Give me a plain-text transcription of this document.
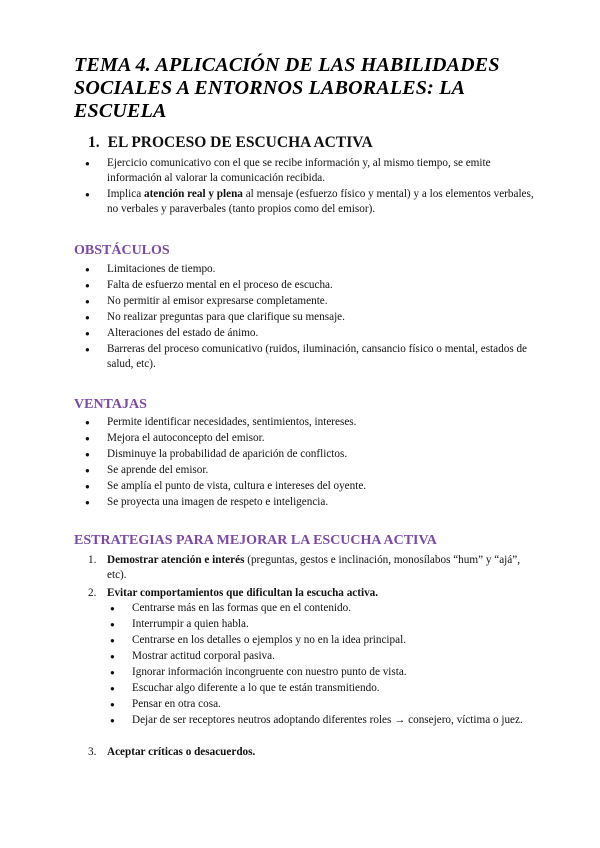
TEMA 4. APLICACIÓN DE LAS HABILIDADES
SOCIALES A ENTORNOS LABORALES: LA
ESCUELA
1. EL PROCESO DE ESCUCHA ACTIVA
● Ejercicio comunicativo con el que se recibe información y, al mismo tiempo, se emite información al valorar la comunicación recibida.
● Implica atención real y plena al mensaje (esfuerzo físico y mental) y a los elementos verbales, no verbales y paraverbales (tanto propios como del emisor).
OBSTÁCULOS
● Limitaciones de tiempo.
● Falta de esfuerzo mental en el proceso de escucha.
● No permitir al emisor expresarse completamente.
● No realizar preguntas para que clarifique su mensaje.
● Alteraciones del estado de ánimo.
● Barreras del proceso comunicativo (ruidos, iluminación, cansancio físico o mental, estados de salud, etc).
VENTAJAS
● Permite identificar necesidades, sentimientos, intereses.
● Mejora el autoconcepto del emisor.
● Disminuye la probabilidad de aparición de conflictos.
● Se aprende del emisor.
● Se amplía el punto de vista, cultura e intereses del oyente.
● Se proyecta una imagen de respeto e inteligencia.
ESTRATEGIAS PARA MEJORAR LA ESCUCHA ACTIVA
1. Demostrar atención e interés (preguntas, gestos e inclinación, monosílabos “hum” y “ajá”, etc).
2. Evitar comportamientos que dificultan la escucha activa.
● Centrarse más en las formas que en el contenido.
● Interrumpir a quien habla.
● Centrarse en los detalles o ejemplos y no en la idea principal.
● Mostrar actitud corporal pasiva.
● Ignorar información incongruente con nuestro punto de vista.
● Escuchar algo diferente a lo que te están transmitiendo.
● Pensar en otra cosa.
● Dejar de ser receptores neutros adoptando diferentes roles → consejero, víctima o juez.
3. Aceptar críticas o desacuerdos.
